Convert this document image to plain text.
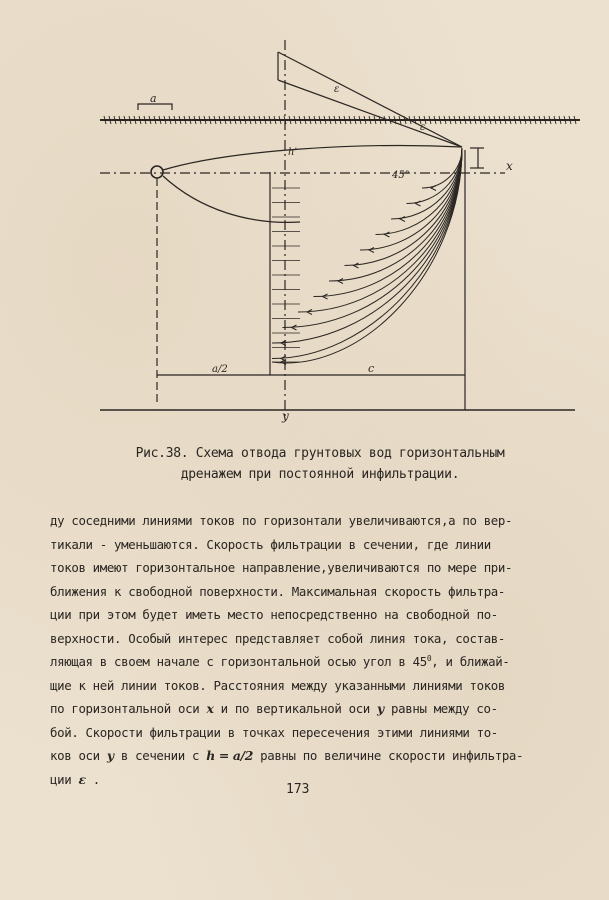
a
h'
45°
x
y
a/2	c
ε
ε
Рис.38. Схема отвода грунтовых вод горизонтальным
дренажем при постоянной инфильтрации.
ду соседними линиями токов по горизонтали увеличиваются,а по вер-
тикали - уменьшаются. Скорость фильтрации в сечении, где линии
токов имеют горизонтальное направление,увеличиваются по мере при-
ближения к свободной поверхности. Максимальная скорость фильтра-
ции при этом будет иметь место непосредственно на свободной по-
верхности. Особый интерес представляет собой линия тока, состав-
ляющая в своем начале с горизонтальной осью угол в $45^0$, и ближай-
щие к ней линии токов. Расстояния между указанными линиями токов
по горизонтальной оси x и по вертикальной оси y равны между со-
бой. Скорости фильтрации в точках пересечения этими линиями то-
ков оси y в сечении с h = a/2 равны по величине скорости инфильтра-
ции ε .
173
